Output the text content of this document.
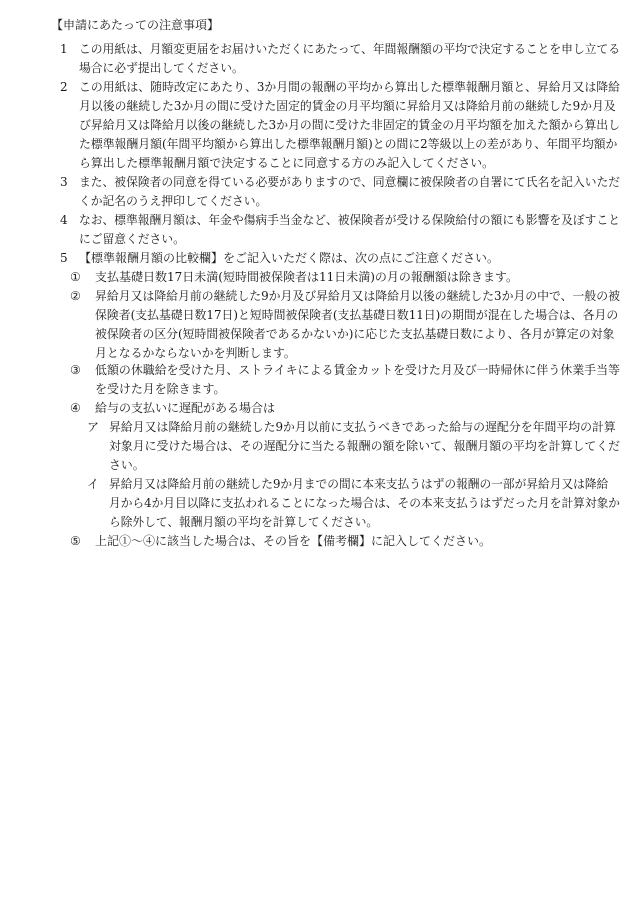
【申請にあたっての注意事項】
1 この用紙は、月額変更届をお届けいただくにあたって、年間報酬額の平均で決定することを申し立てる
場合に必ず提出してください。
2 この用紙は、随時改定にあたり、3か月間の報酬の平均から算出した標準報酬月額と、昇給月又は降給
月以後の継続した3か月の間に受けた固定的賃金の月平均額に昇給月又は降給月前の継続した9か月及
び昇給月又は降給月以後の継続した3か月の間に受けた非固定的賃金の月平均額を加えた額から算出し
た標準報酬月額(年間平均額から算出した標準報酬月額)との間に2等級以上の差があり、年間平均額か
ら算出した標準報酬月額で決定することに同意する方のみ記入してください。
3 また、被保険者の同意を得ている必要がありますので、同意欄に被保険者の自署にて氏名を記入いただ
くか記名のうえ押印してください。
4 なお、標準報酬月額は、年金や傷病手当金など、被保険者が受ける保険給付の額にも影響を及ぼすこと
にご留意ください。
5 【標準報酬月額の比較欄】をご記入いただく際は、次の点にご注意ください。
① 支払基礎日数17日未満(短時間被保険者は11日未満)の月の報酬額は除きます。
② 昇給月又は降給月前の継続した9か月及び昇給月又は降給月以後の継続した3か月の中で、一般の被
保険者(支払基礎日数17日)と短時間被保険者(支払基礎日数11日)の期間が混在した場合は、各月の
被保険者の区分(短時間被保険者であるかないか)に応じた支払基礎日数により、各月が算定の対象
月となるかならないかを判断します。
③ 低額の休職給を受けた月、ストライキによる賃金カットを受けた月及び一時帰休に伴う休業手当等
を受けた月を除きます。
④ 給与の支払いに遅配がある場合は
ア 昇給月又は降給月前の継続した9か月以前に支払うべきであった給与の遅配分を年間平均の計算
対象月に受けた場合は、その遅配分に当たる報酬の額を除いて、報酬月額の平均を計算してくだ
さい。
イ 昇給月又は降給月前の継続した9か月までの間に本来支払うはずの報酬の一部が昇給月又は降給
月から4か月目以降に支払われることになった場合は、その本来支払うはずだった月を計算対象か
ら除外して、報酬月額の平均を計算してください。
⑤ 上記①～④に該当した場合は、その旨を【備考欄】に記入してください。
